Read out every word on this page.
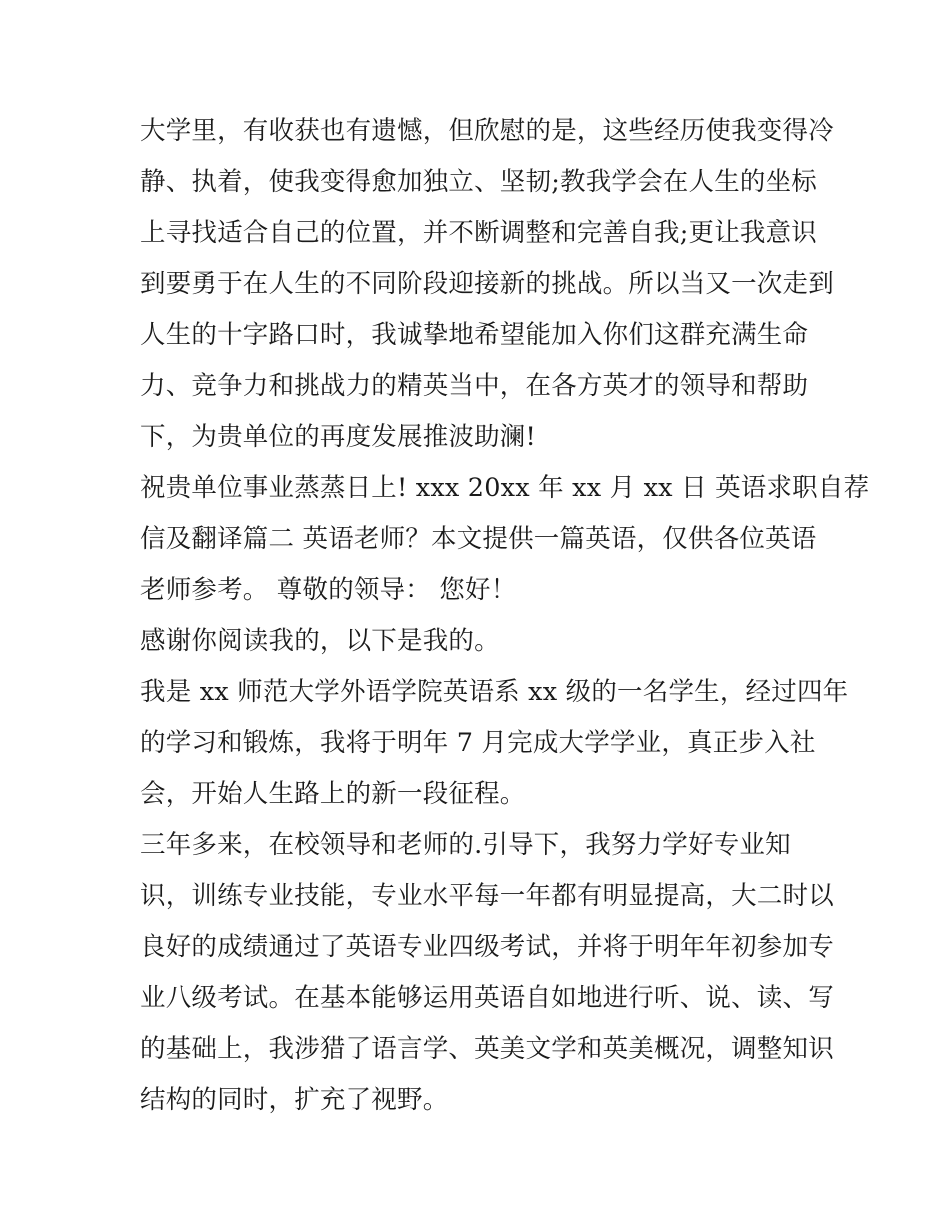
大学里，有收获也有遗憾，但欣慰的是，这些经历使我变得冷
静、执着，使我变得愈加独立、坚韧;教我学会在人生的坐标
上寻找适合自己的位置，并不断调整和完善自我;更让我意识
到要勇于在人生的不同阶段迎接新的挑战。所以当又一次走到
人生的十字路口时，我诚挚地希望能加入你们这群充满生命
力、竞争力和挑战力的精英当中，在各方英才的领导和帮助
下，为贵单位的再度发展推波助澜!
祝贵单位事业蒸蒸日上! xxx 20xx 年 xx 月 xx 日 英语求职自荐
信及翻译篇二 英语老师？本文提供一篇英语，仅供各位英语
老师参考。 尊敬的领导： 您好！
感谢你阅读我的，以下是我的。
我是 xx 师范大学外语学院英语系 xx 级的一名学生，经过四年
的学习和锻炼，我将于明年 7 月完成大学学业，真正步入社
会，开始人生路上的新一段征程。
三年多来，在校领导和老师的.引导下，我努力学好专业知
识，训练专业技能，专业水平每一年都有明显提高，大二时以
良好的成绩通过了英语专业四级考试，并将于明年年初参加专
业八级考试。在基本能够运用英语自如地进行听、说、读、写
的基础上，我涉猎了语言学、英美文学和英美概况，调整知识
结构的同时，扩充了视野。
